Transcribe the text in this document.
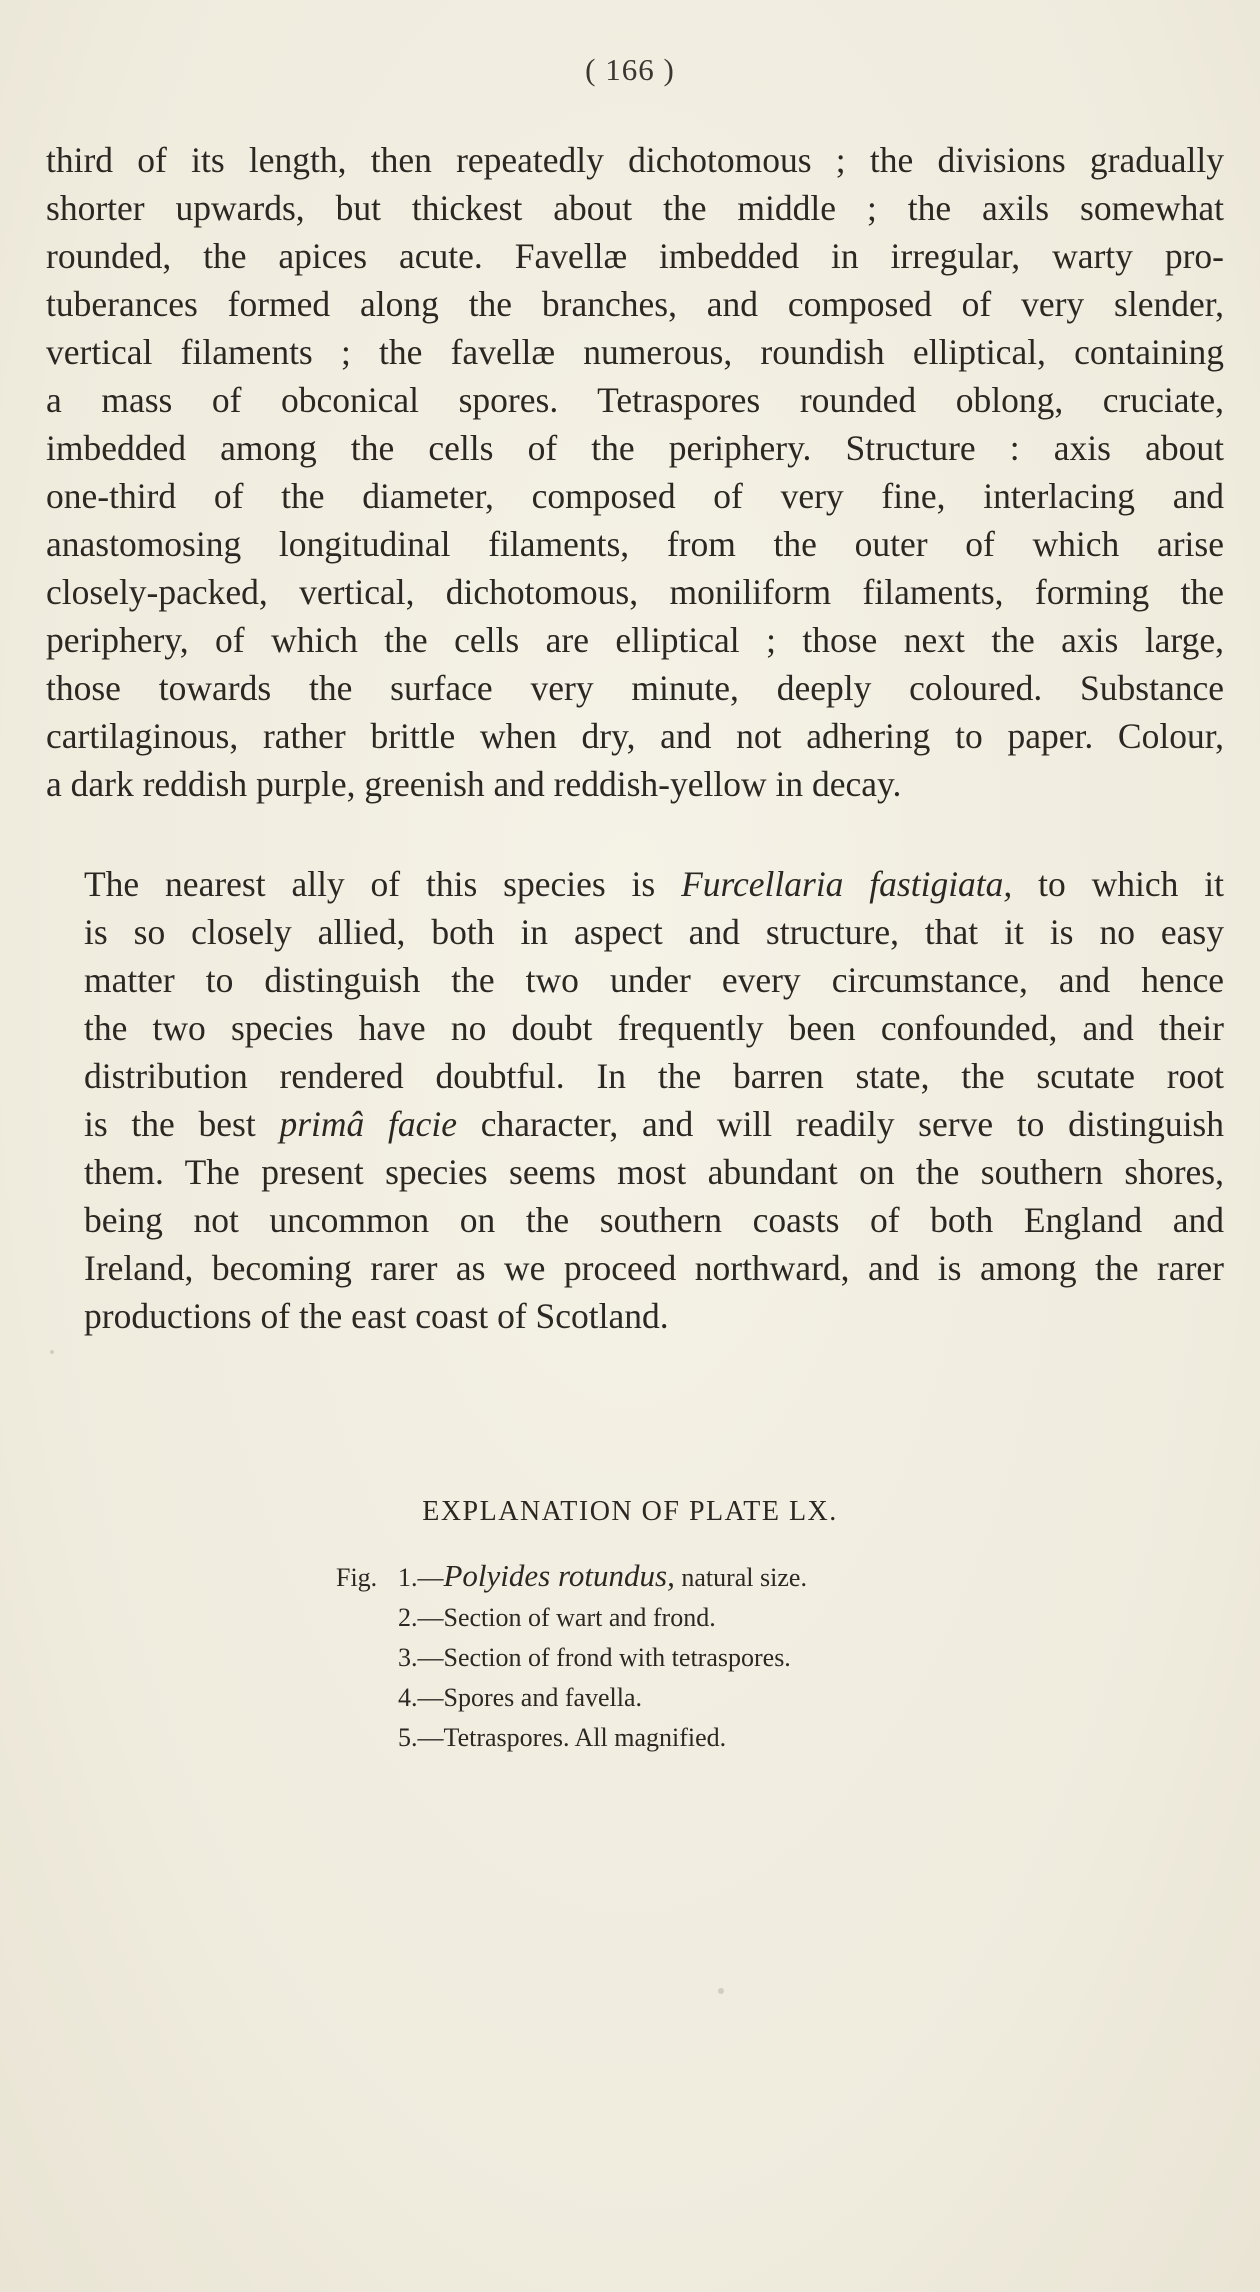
( 166 )
third of its length, then repeatedly dichotomous ; the divisions gradually
shorter upwards, but thickest about the middle ; the axils somewhat
rounded, the apices acute. Favellæ imbedded in irregular, warty pro-
tuberances formed along the branches, and composed of very slender,
vertical filaments ; the favellæ numerous, roundish elliptical, containing
a mass of obconical spores. Tetraspores rounded oblong, cruciate,
imbedded among the cells of the periphery. Structure : axis about
one-third of the diameter, composed of very fine, interlacing and
anastomosing longitudinal filaments, from the outer of which arise
closely-packed, vertical, dichotomous, moniliform filaments, forming the
periphery, of which the cells are elliptical ; those next the axis large,
those towards the surface very minute, deeply coloured. Substance
cartilaginous, rather brittle when dry, and not adhering to paper. Colour,
a dark reddish purple, greenish and reddish-yellow in decay.
The nearest ally of this species is Furcellaria fastigiata, to which it
is so closely allied, both in aspect and structure, that it is no easy
matter to distinguish the two under every circumstance, and hence
the two species have no doubt frequently been confounded, and their
distribution rendered doubtful. In the barren state, the scutate root
is the best primâ facie character, and will readily serve to distinguish
them. The present species seems most abundant on the southern shores,
being not uncommon on the southern coasts of both England and
Ireland, becoming rarer as we proceed northward, and is among the rarer
productions of the east coast of Scotland.
EXPLANATION OF PLATE LX.
Fig. 1.—Polyides rotundus, natural size.
2.—Section of wart and frond.
3.—Section of frond with tetraspores.
4.—Spores and favella.
5.—Tetraspores. All magnified.
